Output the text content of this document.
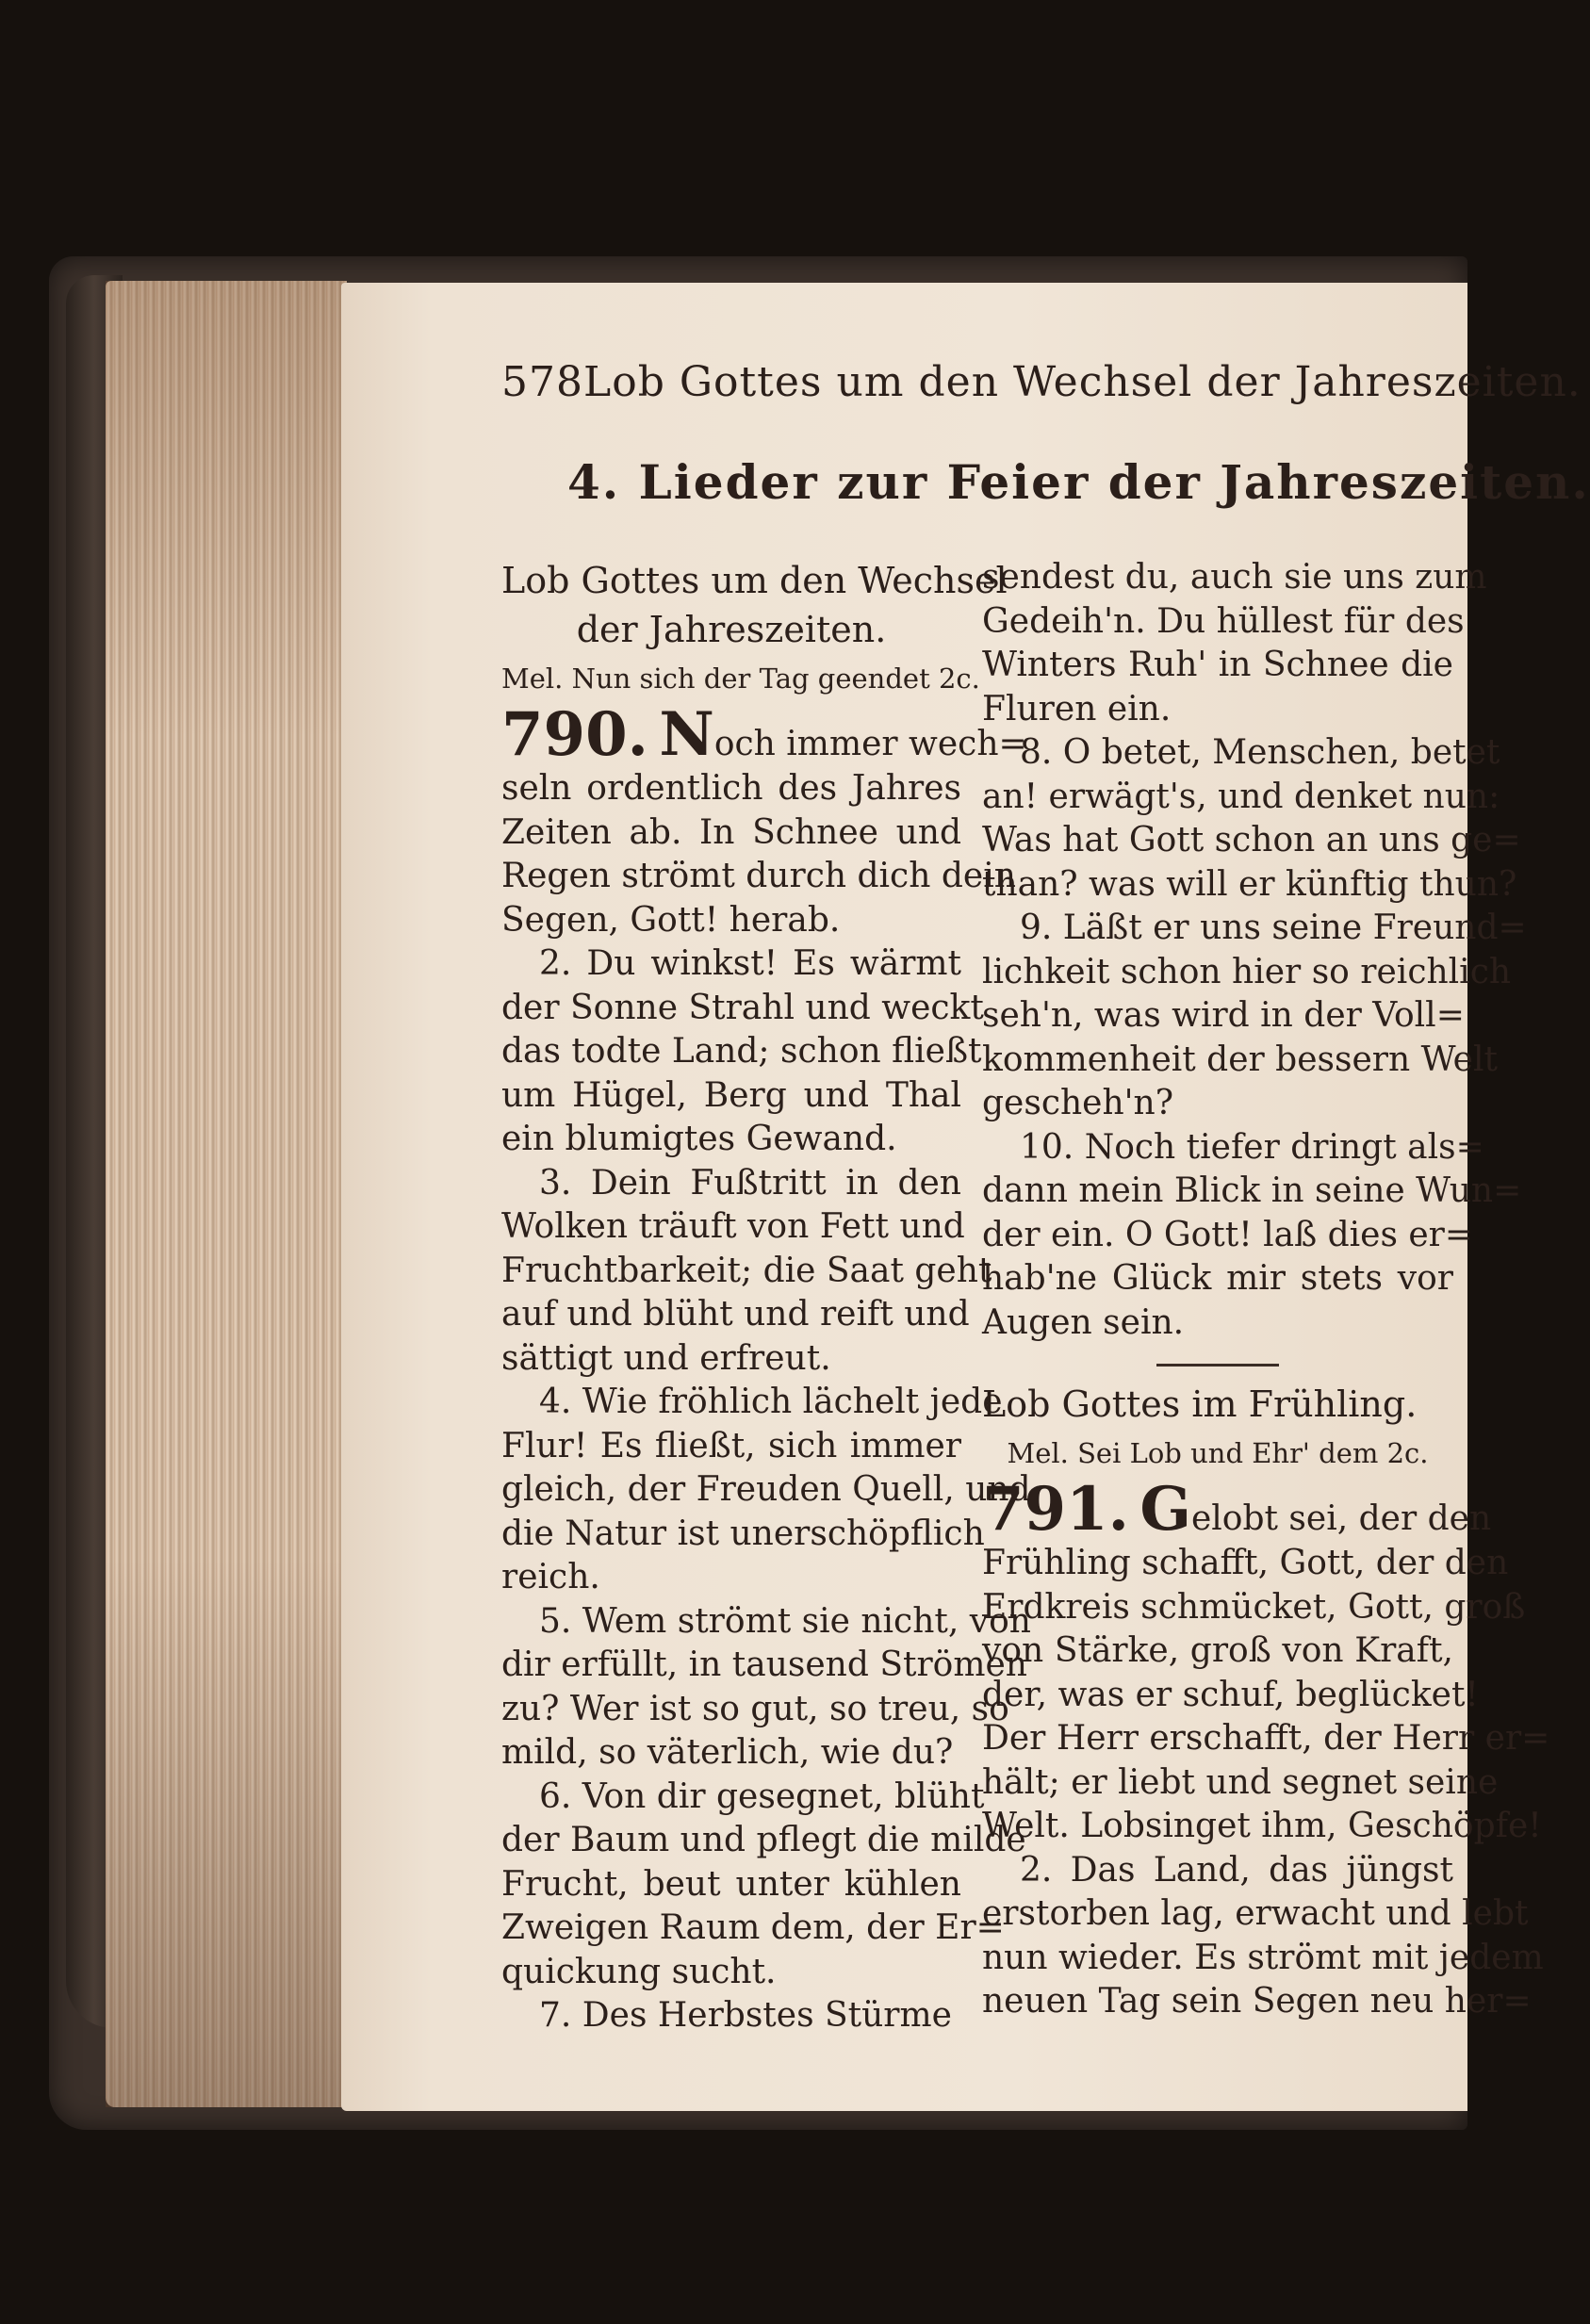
578 Lob Gottes um den Wechsel der Jahreszeiten.
4. Lieder zur Feier der Jahreszeiten.
Lob Gottes um den Wechsel
der Jahreszeiten.
Mel. Nun sich der Tag geendet 2c.
790. Noch immer wech=
seln ordentlich des Jahres
Zeiten ab. In Schnee und
Regen strömt durch dich dein
Segen, Gott! herab.
2. Du winkst! Es wärmt
der Sonne Strahl und weckt
das todte Land; schon fließt
um Hügel, Berg und Thal
ein blumigtes Gewand.
3. Dein Fußtritt in den
Wolken träuft von Fett und
Fruchtbarkeit; die Saat geht
auf und blüht und reift und
sättigt und erfreut.
4. Wie fröhlich lächelt jede
Flur! Es fließt, sich immer
gleich, der Freuden Quell, und
die Natur ist unerschöpflich
reich.
5. Wem strömt sie nicht, von
dir erfüllt, in tausend Strömen
zu? Wer ist so gut, so treu, so
mild, so väterlich, wie du?
6. Von dir gesegnet, blüht
der Baum und pflegt die milde
Frucht, beut unter kühlen
Zweigen Raum dem, der Er=
quickung sucht.
7. Des Herbstes Stürme
sendest du, auch sie uns zum
Gedeih'n. Du hüllest für des
Winters Ruh' in Schnee die
Fluren ein.
8. O betet, Menschen, betet
an! erwägt's, und denket nun:
Was hat Gott schon an uns ge=
than? was will er künftig thun?
9. Läßt er uns seine Freund=
lichkeit schon hier so reichlich
seh'n, was wird in der Voll=
kommenheit der bessern Welt
gescheh'n?
10. Noch tiefer dringt als=
dann mein Blick in seine Wun=
der ein. O Gott! laß dies er=
hab'ne Glück mir stets vor
Augen sein.
Lob Gottes im Frühling.
Mel. Sei Lob und Ehr' dem 2c.
791. Gelobt sei, der den
Frühling schafft, Gott, der den
Erdkreis schmücket, Gott, groß
von Stärke, groß von Kraft,
der, was er schuf, beglücket!
Der Herr erschafft, der Herr er=
hält; er liebt und segnet seine
Welt. Lobsinget ihm, Geschöpfe!
2. Das Land, das jüngst
erstorben lag, erwacht und lebt
nun wieder. Es strömt mit jedem
neuen Tag sein Segen neu her=
